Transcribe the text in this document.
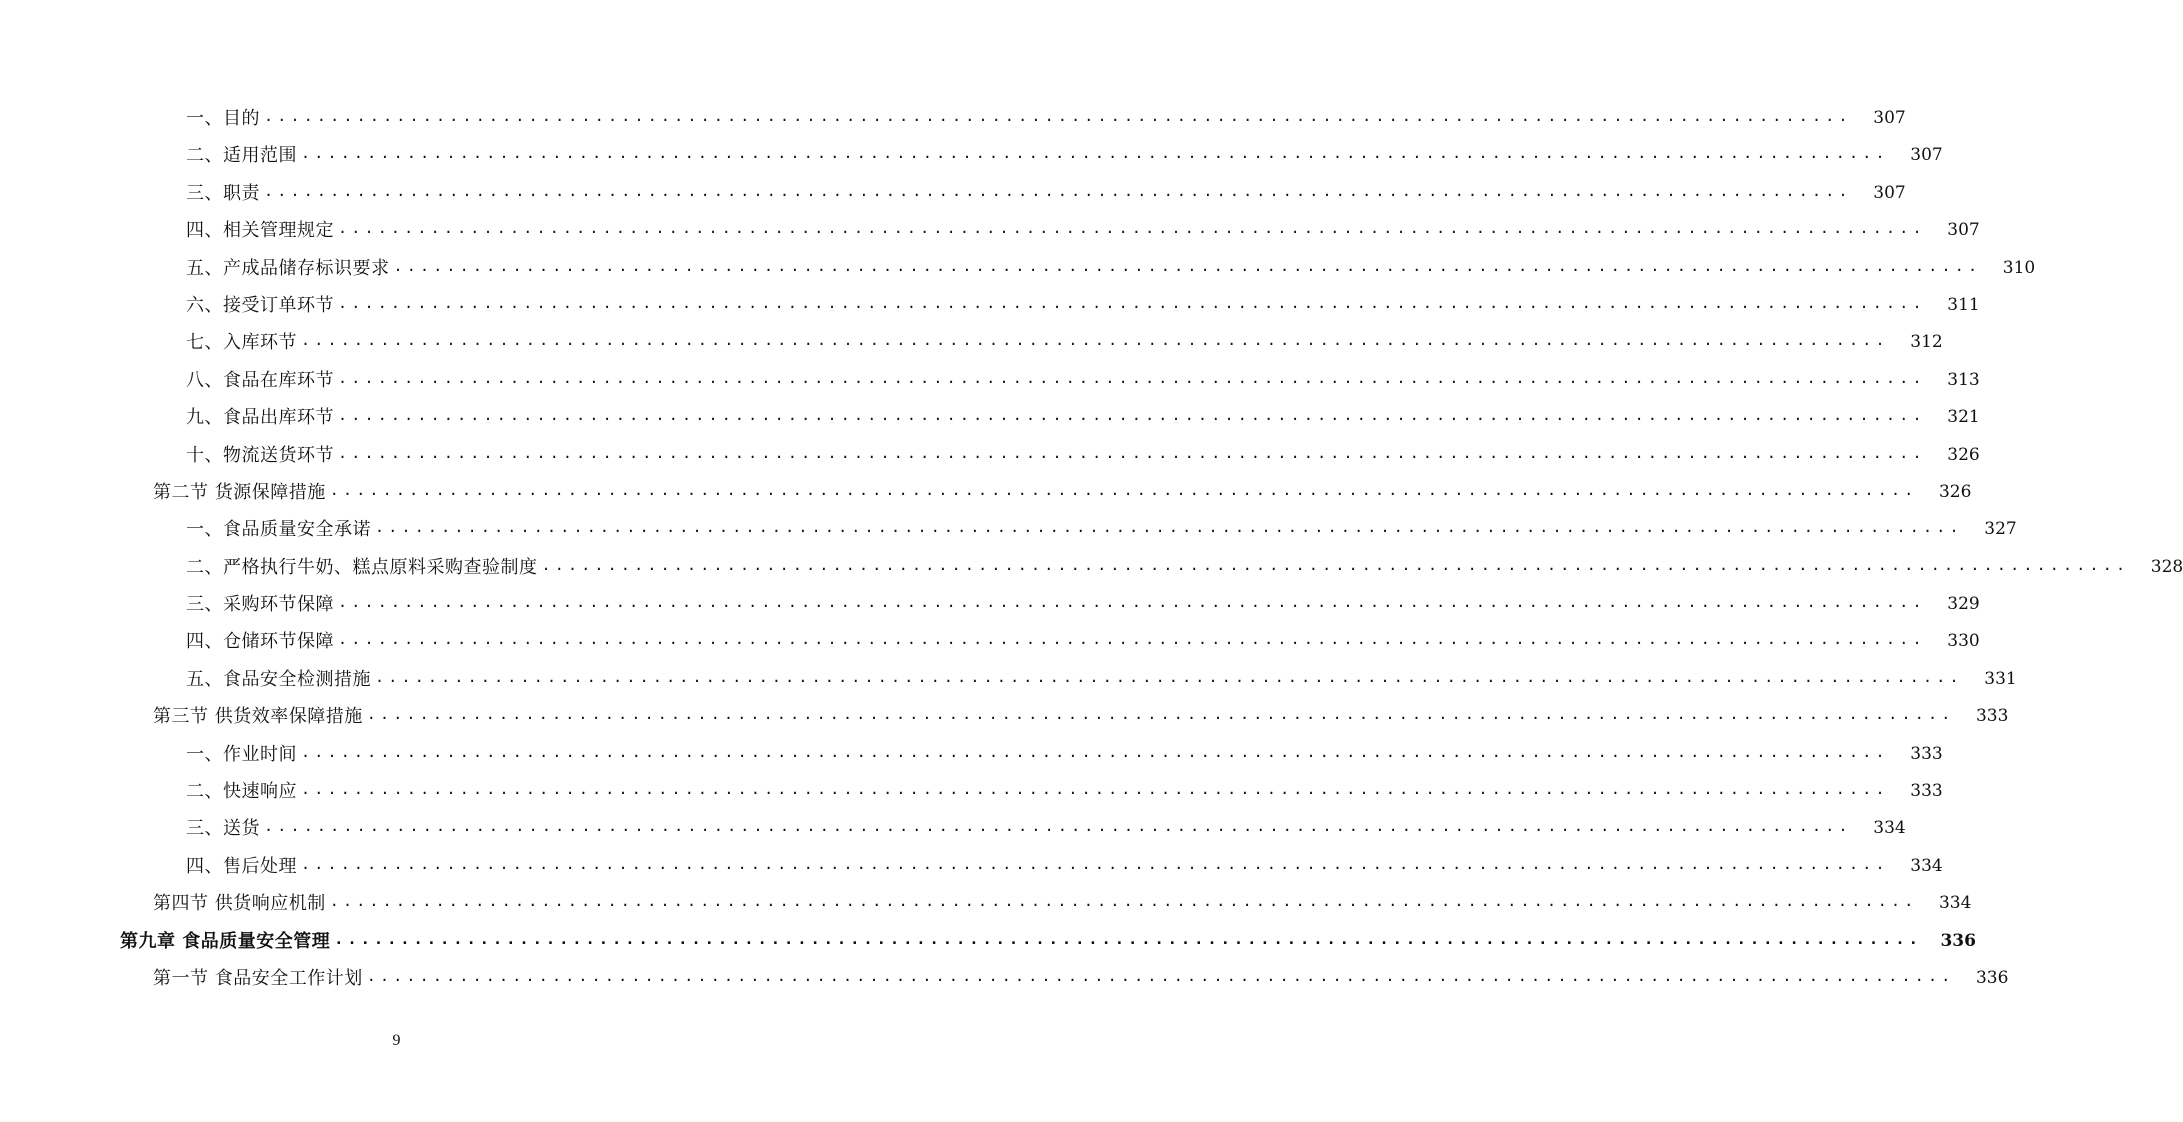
一、目的 ........................................................................................................................	307
二、适用范围 ........................................................................................................................	307
三、职责 ........................................................................................................................	307
四、相关管理规定 ........................................................................................................................	307
五、产成品储存标识要求 ........................................................................................................................	310
六、接受订单环节 ........................................................................................................................	311
七、入库环节 ........................................................................................................................	312
八、食品在库环节 ........................................................................................................................	313
九、食品出库环节 ........................................................................................................................	321
十、物流送货环节 ........................................................................................................................	326
第二节 货源保障措施 ........................................................................................................................	326
一、食品质量安全承诺 ........................................................................................................................	327
二、严格执行牛奶、糕点原料采购查验制度 ........................................................................................................................	328
三、采购环节保障 ........................................................................................................................	329
四、仓储环节保障 ........................................................................................................................	330
五、食品安全检测措施 ........................................................................................................................	331
第三节 供货效率保障措施 ........................................................................................................................	333
一、作业时间 ........................................................................................................................	333
二、快速响应 ........................................................................................................................	333
三、送货 ........................................................................................................................	334
四、售后处理 ........................................................................................................................	334
第四节 供货响应机制 ........................................................................................................................	334
第九章 食品质量安全管理 ........................................................................................................................	336
第一节 食品安全工作计划 ........................................................................................................................	336
9
